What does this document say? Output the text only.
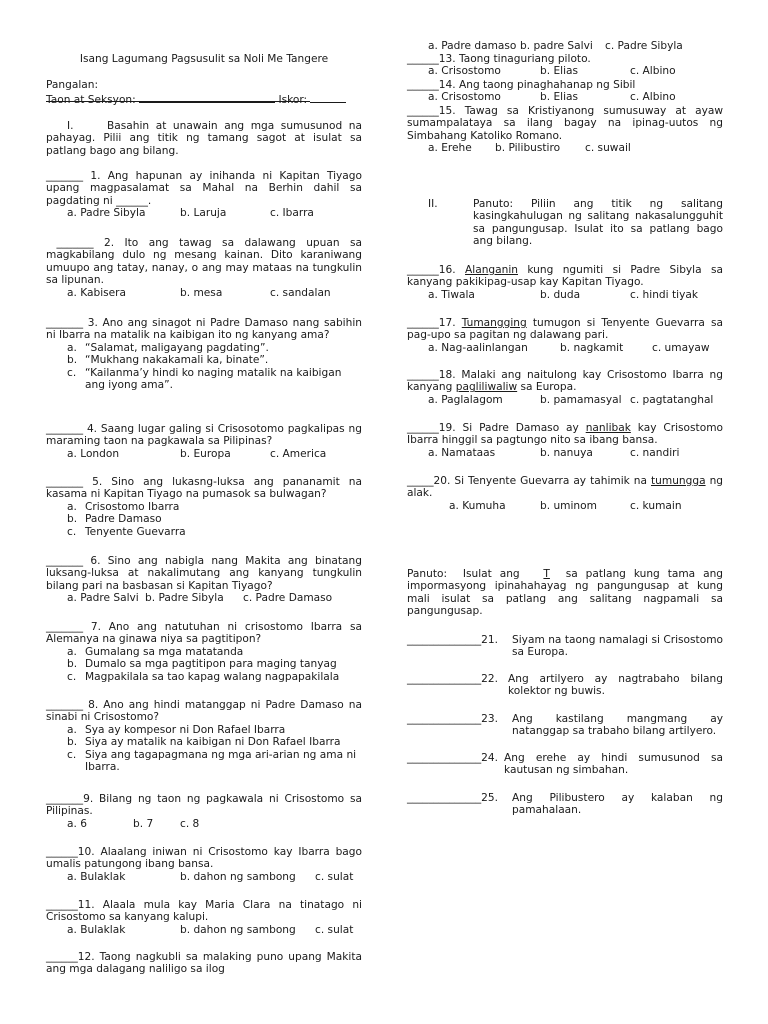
Isang Lagumang Pagsusulit sa Noli Me Tangere
Pangalan:
Taon at Seksyon:	Iskor:
I.	Basahin at unawain ang mga sumusunod na pahayag. Pilii ang titik ng tamang sagot at isulat sa patlang bago ang bilang.
_______ 1. Ang hapunan ay inihanda ni Kapitan Tiyago upang magpasalamat sa Mahal na Berhin dahil sa pagdating ni ______.
a. Padre Sibyla	b. Laruja	c. Ibarra
_______ 2. Ito ang tawag sa dalawang upuan sa magkabilang dulo ng mesang kainan. Dito karaniwang umuupo ang tatay, nanay, o ang may mataas na tungkulin sa lipunan.
a. Kabisera	b. mesa	c. sandalan
_______ 3. Ano ang sinagot ni Padre Damaso nang sabihin ni Ibarra na matalik na kaibigan ito ng kanyang ama?
a. “Salamat, maligayang pagdating”.
b. “Mukhang nakakamali ka, binate”.
c. “Kailanma’y hindi ko naging matalik na kaibigan ang iyong ama”.
_______ 4. Saang lugar galing si Crisosotomo pagkalipas ng maraming taon na pagkawala sa Pilipinas?
a. London	b. Europa	c. America
_______ 5. Sino ang lukasng-luksa ang pananamit na kasama ni Kapitan Tiyago na pumasok sa bulwagan?
a. Crisostomo Ibarra
b. Padre Damaso
c. Tenyente Guevarra
_______ 6. Sino ang nabigla nang Makita ang binatang luksang-luksa at nakalimutang ang kanyang tungkulin bilang pari na basbasan si Kapitan Tiyago?
a. Padre Salvi b. Padre Sibyla	c. Padre Damaso
_______ 7. Ano ang natutuhan ni crisostomo Ibarra sa Alemanya na ginawa niya sa pagtitipon?
a. Gumalang sa mga matatanda
b. Dumalo sa mga pagtitipon para maging tanyag
c. Magpakilala sa tao kapag walang nagpapakilala
_______ 8. Ano ang hindi matanggap ni Padre Damaso na sinabi ni Crisostomo?
a. Sya ay kompesor ni Don Rafael Ibarra
b. Siya ay matalik na kaibigan ni Don Rafael Ibarra
c. Siya ang tagapagmana ng mga ari-arian ng ama ni Ibarra.
_______9. Bilang ng taon ng pagkawala ni Crisostomo sa Pilipinas.
a. 6	b. 7	c. 8
______10. Alaalang iniwan ni Crisostomo kay Ibarra bago umalis patungong ibang bansa.
a. Bulaklak	b. dahon ng sambong	c. sulat
______11. Alaala mula kay Maria Clara na tinatago ni Crisostomo sa kanyang kalupi.
a. Bulaklak	b. dahon ng sambong	c. sulat
______12. Taong nagkubli sa malaking puno upang Makita ang mga dalagang naliligo sa ilog
a. Padre damaso b. padre Salvi	c. Padre Sibyla
______13. Taong tinaguriang piloto.
a. Crisostomo	b. Elias	c. Albino
______14. Ang taong pinaghahanap ng Sibil
a. Crisostomo	b. Elias	c. Albino
______15. Tawag sa Kristiyanong sumusuway at ayaw sumampalataya sa ilang bagay na ipinag-uutos ng Simbahang Katoliko Romano.
a. Erehe	b. Pilibustiro	c. suwail
II.	Panuto: Piliin ang titik ng salitang kasingkahulugan ng salitang nakasalungguhit sa pangungusap. Isulat ito sa patlang bago ang bilang.
______16. Alanganin kung ngumiti si Padre Sibyla sa kanyang pakikipag-usap kay Kapitan Tiyago.
a. Tiwala	b. duda	c. hindi tiyak
______17. Tumangging tumugon si Tenyente Guevarra sa pag-upo sa pagitan ng dalawang pari.
a. Nag-aalinlangan	b. nagkamit	c. umayaw
______18. Malaki ang naitulong kay Crisostomo Ibarra ng kanyang pagliliwaliw sa Europa.
a. Paglalagom	b. pamamasyal c. pagtatanghal
______19. Si Padre Damaso ay nanlibak kay Crisostomo Ibarra hinggil sa pagtungo nito sa ibang bansa.
a. Namataas	b. nanuya	c. nandiri
_____20. Si Tenyente Guevarra ay tahimik na tumungga ng alak.
a. Kumuha	b. uminom	c. kumain
Panuto:  Isulat ang   T  sa patlang kung tama ang impormasyong ipinahahayag ng pangungusap at kung mali isulat sa patlang ang salitang nagpamali sa pangungusap.
______________ 21.	Siyam na taong namalagi si Crisostomo sa Europa.
______________ 22. Ang artilyero ay nagtrabaho bilang kolektor ng buwis.
______________ 23.	Ang kastilang mangmang ay natanggap sa trabaho bilang artilyero.
______________ 24. Ang erehe ay hindi sumusunod sa kautusan ng simbahan.
______________ 25.	Ang Pilibustero ay kalaban ng pamahalaan.
